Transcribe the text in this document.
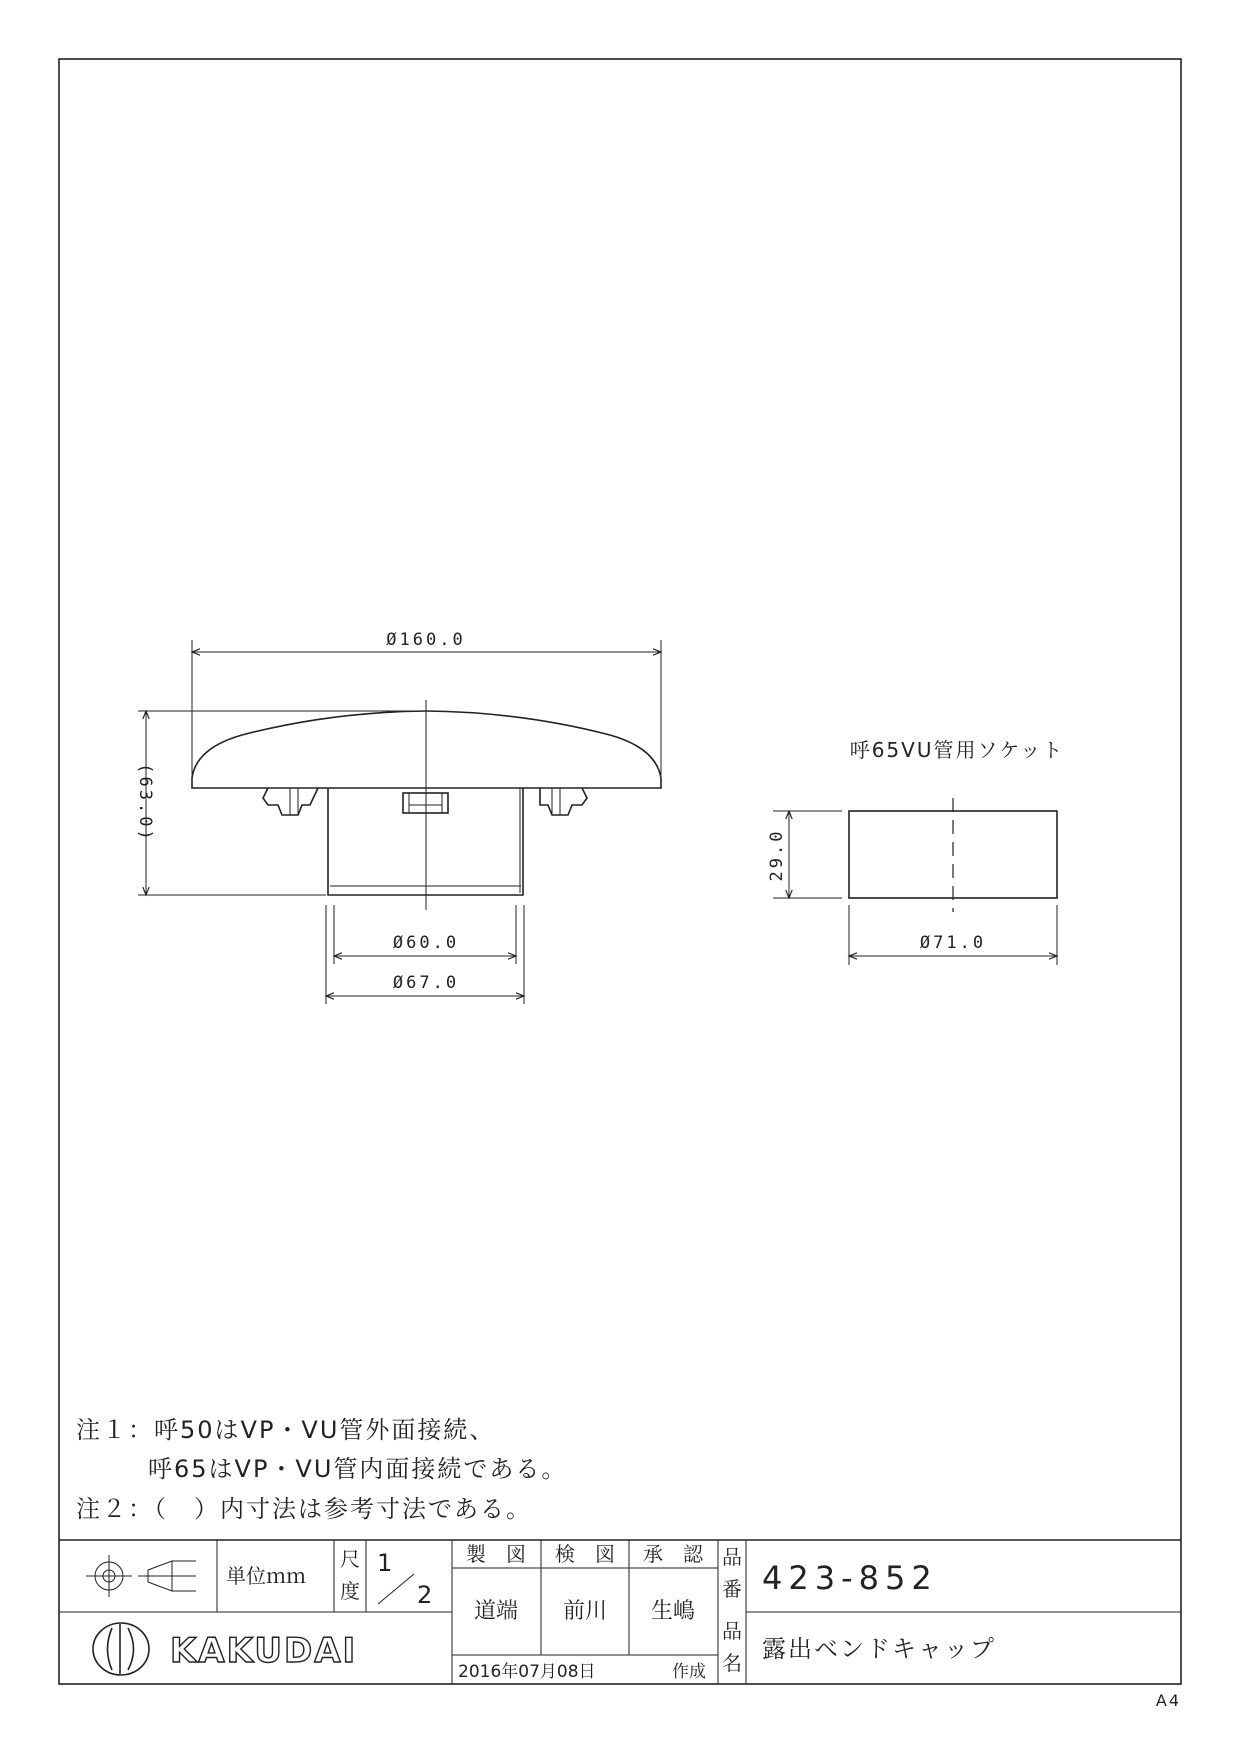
Ø160.0
(63.0)
Ø60.0
Ø67.0
呼65VU管用ソケット
29.0
Ø71.0
注１：呼50はVP・VU管外面接続、
呼65はVP・VU管内面接続である。
注２：（　）内寸法は参考寸法である。
単位ｍｍ
尺
度
1
2
製　図 検　図 承　認
道端 前川 生嶋
品
番 423-852
品
名 露出ベンドキャップ
KAKUDAI
2016年07月08日	作成
A4
